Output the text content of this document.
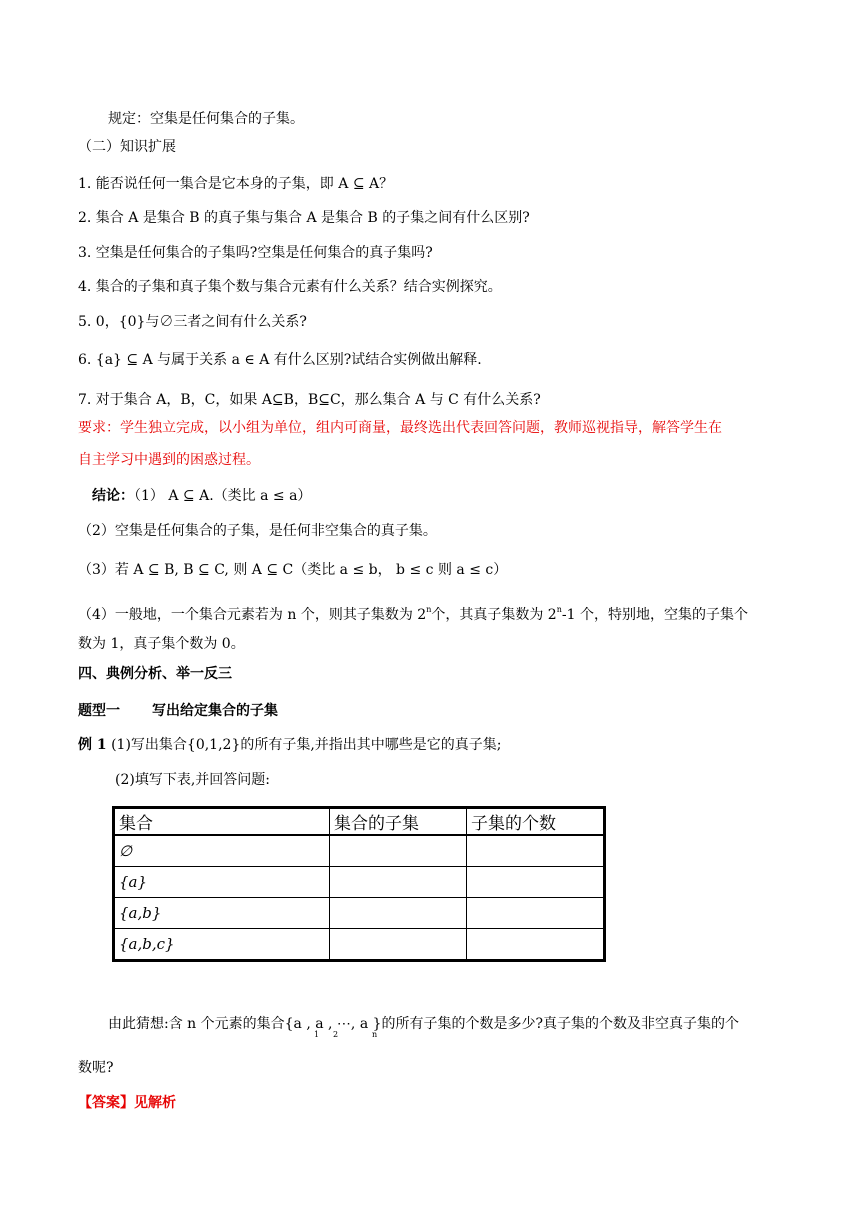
规定：空集是任何集合的子集。
（二）知识扩展
1. 能否说任何一集合是它本身的子集，即 A ⊆ A？
2. 集合 A 是集合 B 的真子集与集合 A 是集合 B 的子集之间有什么区别?
3. 空集是任何集合的子集吗?空集是任何集合的真子集吗?
4. 集合的子集和真子集个数与集合元素有什么关系？结合实例探究。
5. 0，{0}与∅三者之间有什么关系?
6. {a} ⊆ A 与属于关系 a ∈ A 有什么区别?试结合实例做出解释.
7. 对于集合 A，B，C，如果 A⊆B，B⊆C，那么集合 A 与 C 有什么关系?
要求：学生独立完成，以小组为单位，组内可商量，最终选出代表回答问题，教师巡视指导，解答学生在
自主学习中遇到的困惑过程。
结论：（1） A ⊆ A.（类比 a ≤ a）
（2）空集是任何集合的子集，是任何非空集合的真子集。
（3）若 A ⊆ B, B ⊆ C, 则 A ⊆ C（类比 a ≤ b， b ≤ c 则 a ≤ c）
（4）一般地，一个集合元素若为 n 个，则其子集数为 2$^n$个，其真子集数为 2$^n$-1 个，特别地，空集的子集个
数为 1，真子集个数为 0。
四、典例分析、举一反三
题型一 写出给定集合的子集
例 1 (1)写出集合{0,1,2}的所有子集,并指出其中哪些是它的真子集;
(2)填写下表,并回答问题:
集合	集合的子集	子集的个数
∅		
{a}		
{a,b}		
{a,b,c}		
由此猜想:含 n 个元素的集合{a , a , ⋯, a }的所有子集的个数是多少?真子集的个数及非空真子集的个
1 2	n
数呢?
【答案】见解析
